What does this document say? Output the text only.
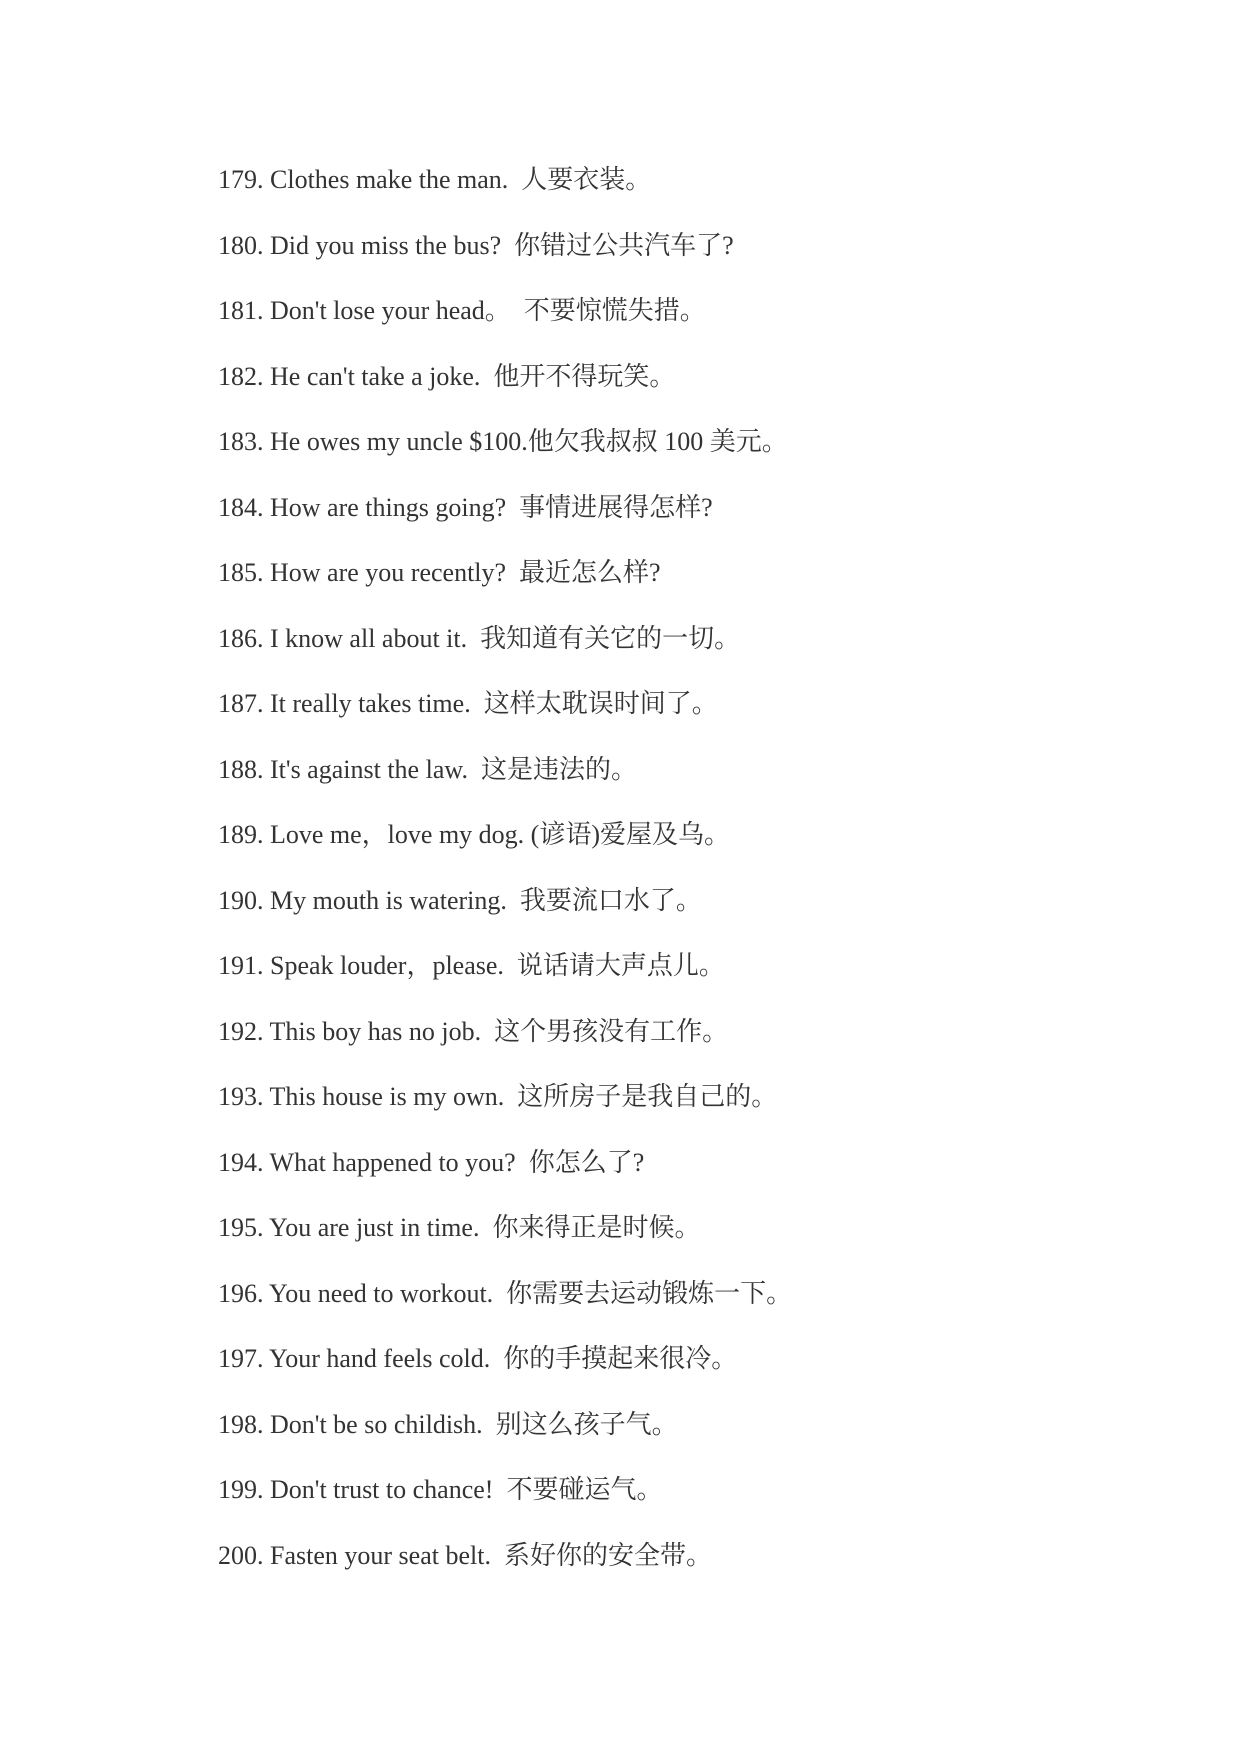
179. Clothes make the man.  人要衣装。
180. Did you miss the bus?  你错过公共汽车了?
181. Don't lose your head。  不要惊慌失措。
182. He can't take a joke.  他开不得玩笑。
183. He owes my uncle $100.他欠我叔叔 100 美元。
184. How are things going?  事情进展得怎样?
185. How are you recently?  最近怎么样?
186. I know all about it.  我知道有关它的一切。
187. It really takes time.  这样太耽误时间了。
188. It's against the law.  这是违法的。
189. Love me，love my dog. (谚语)爱屋及乌。
190. My mouth is watering.  我要流口水了。
191. Speak louder，please.  说话请大声点儿。
192. This boy has no job.  这个男孩没有工作。
193. This house is my own.  这所房子是我自己的。
194. What happened to you?  你怎么了?
195. You are just in time.  你来得正是时候。
196. You need to workout.  你需要去运动锻炼一下。
197. Your hand feels cold.  你的手摸起来很冷。
198. Don't be so childish.  别这么孩子气。
199. Don't trust to chance!  不要碰运气。
200. Fasten your seat belt.  系好你的安全带。
